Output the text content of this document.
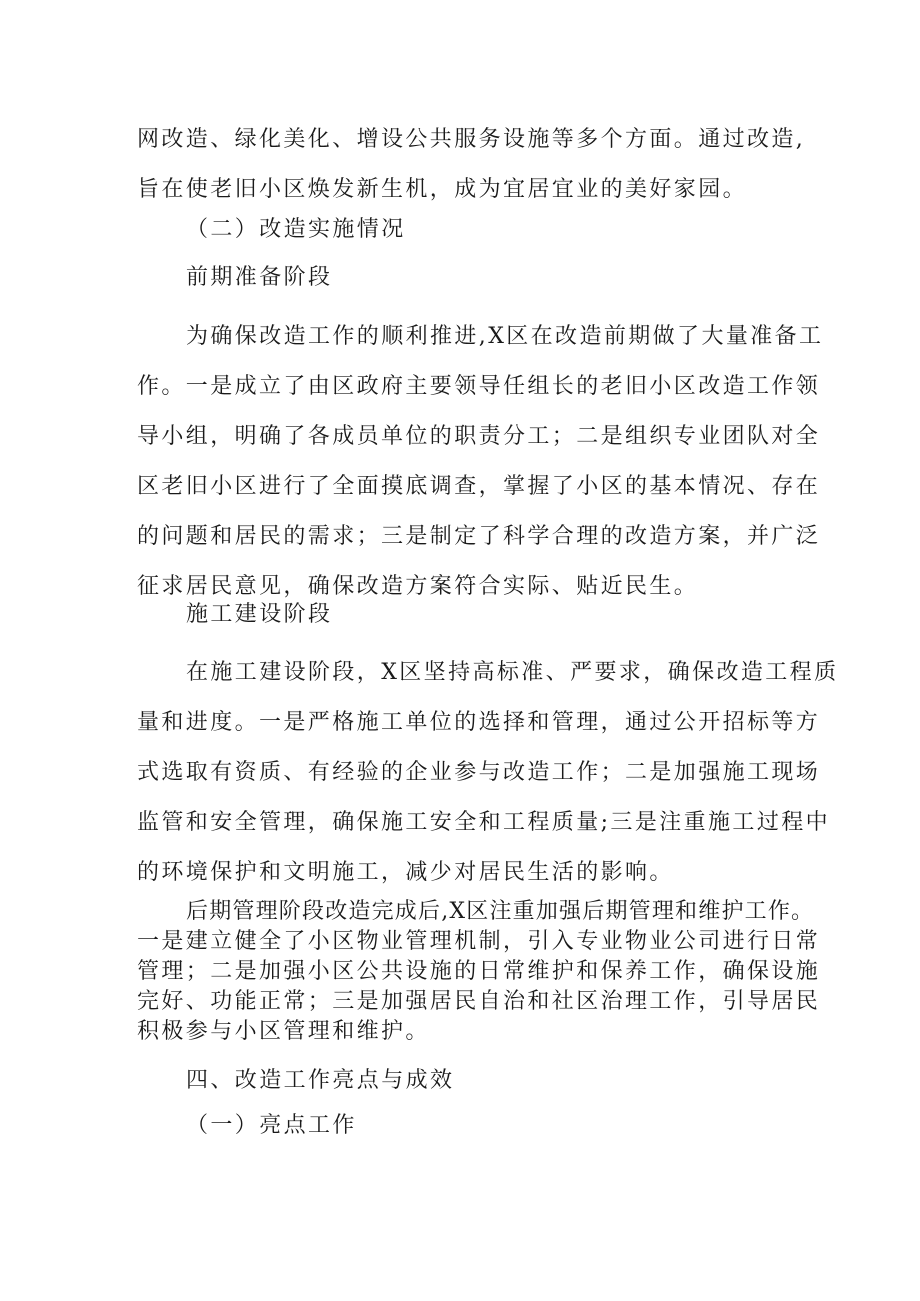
网改造、绿化美化、增设公共服务设施等多个方面。通过改造,
旨在使老旧小区焕发新生机，成为宜居宜业的美好家园。
（二）改造实施情况
前期准备阶段
为确保改造工作的顺利推进,X区在改造前期做了大量准备工
作。一是成立了由区政府主要领导任组长的老旧小区改造工作领
导小组，明确了各成员单位的职责分工；二是组织专业团队对全
区老旧小区进行了全面摸底调查，掌握了小区的基本情况、存在
的问题和居民的需求；三是制定了科学合理的改造方案，并广泛
征求居民意见，确保改造方案符合实际、贴近民生。
施工建设阶段
在施工建设阶段，X区坚持高标准、严要求，确保改造工程质
量和进度。一是严格施工单位的选择和管理，通过公开招标等方
式选取有资质、有经验的企业参与改造工作；二是加强施工现场
监管和安全管理，确保施工安全和工程质量;三是注重施工过程中
的环境保护和文明施工，减少对居民生活的影响。
后期管理阶段改造完成后,X区注重加强后期管理和维护工作。
一是建立健全了小区物业管理机制，引入专业物业公司进行日常
管理；二是加强小区公共设施的日常维护和保养工作，确保设施
完好、功能正常；三是加强居民自治和社区治理工作，引导居民
积极参与小区管理和维护。
四、改造工作亮点与成效
（一）亮点工作
